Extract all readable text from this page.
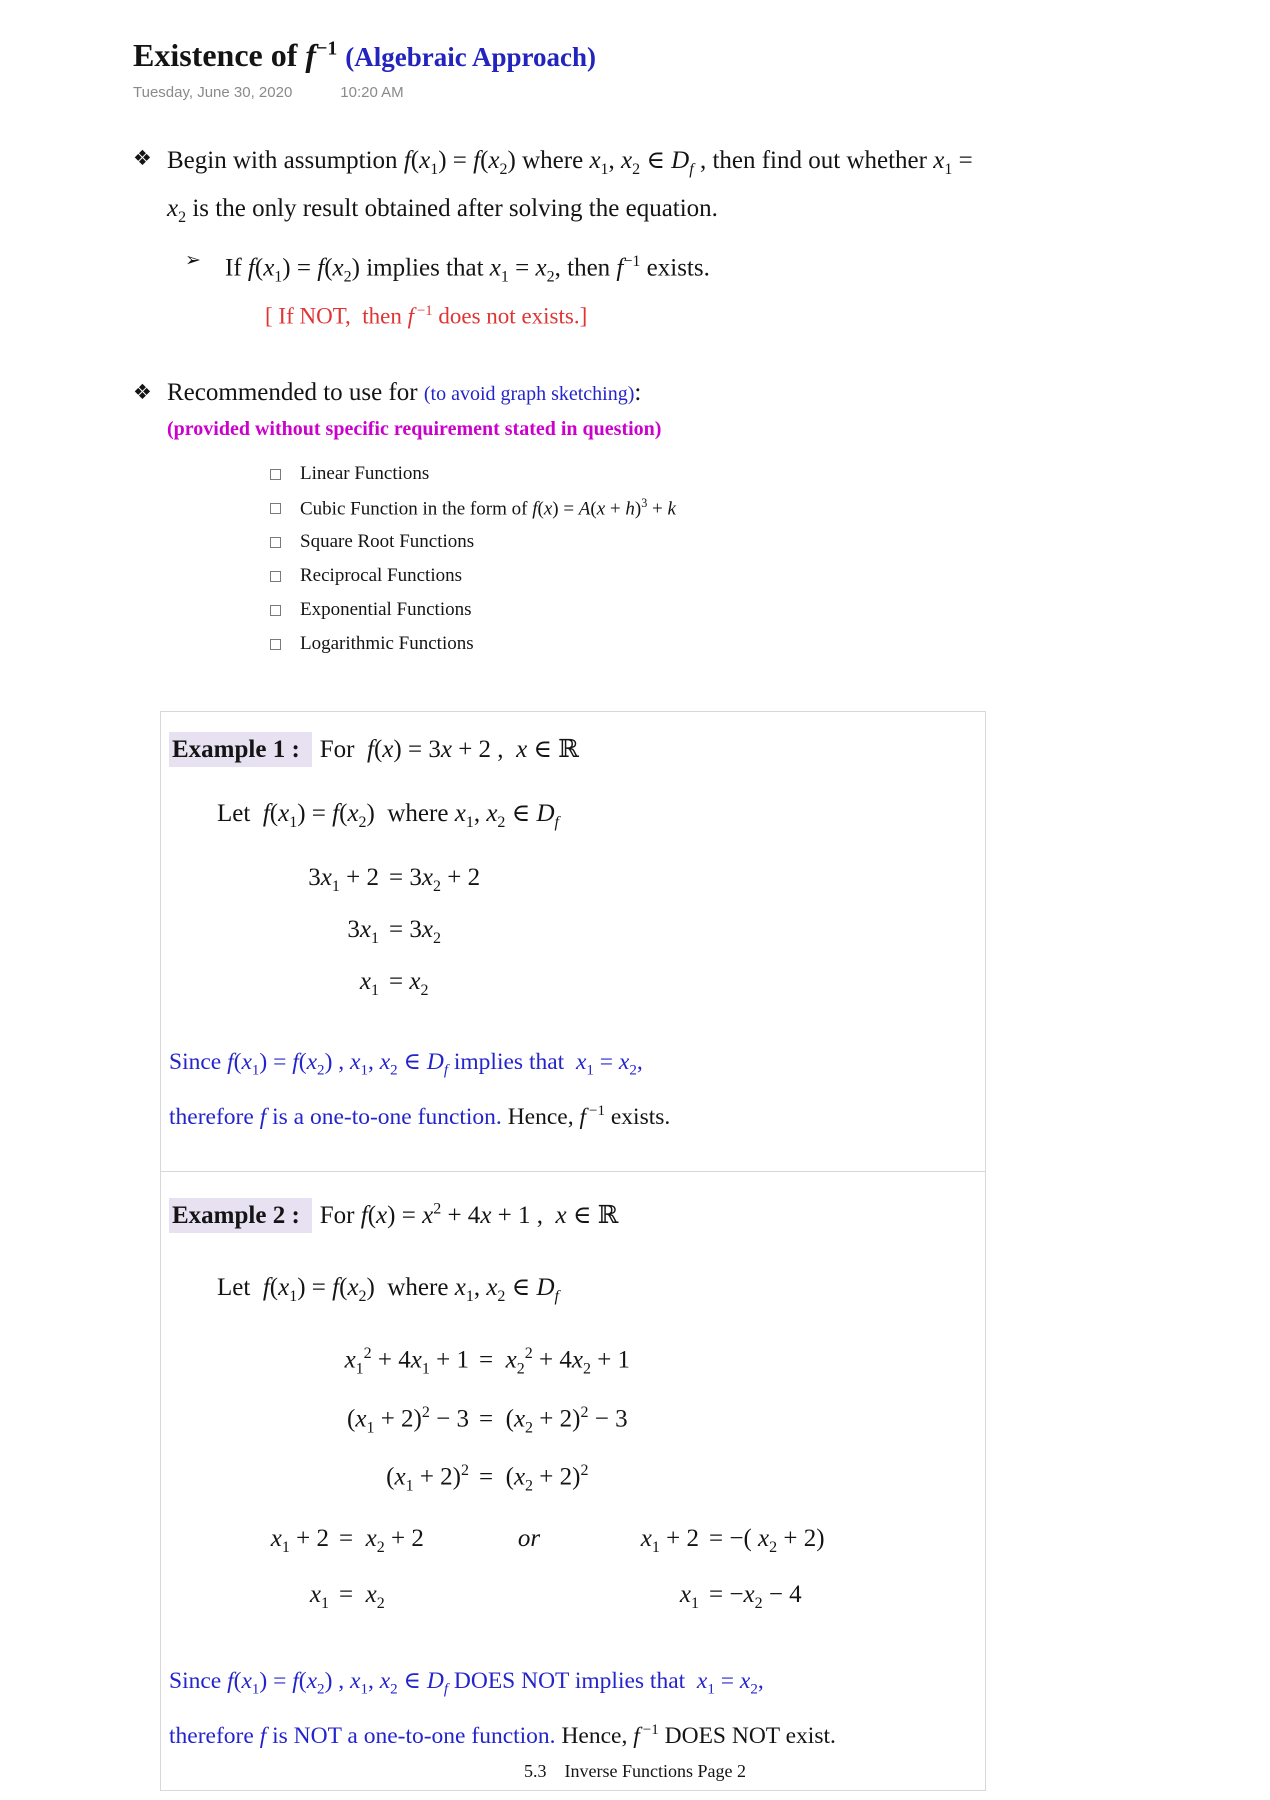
Existence of $f^{-1}$ (Algebraic Approach)
Tuesday, June 30, 2020	10:20 AM
❖ Begin with assumption $f(x_1) = f(x_2)$ where $x_1$, $x_2$ ∈ $D_f$ , then find out whether $x_1 = x_2$ is the only result obtained after solving the equation.
➢ If $f(x_1) = f(x_2)$ implies that $x_1 = x_2$, then $f^{-1}$ exists.
[ If NOT,  then f $^{-1}$ does not exists.]
❖ Recommended to use for (to avoid graph sketching):
(provided without specific requirement stated in question)
Linear Functions
Cubic Function in the form of $f(x) = A(x + h)^3 + k$
Square Root Functions
Reciprocal Functions
Exponential Functions
Logarithmic Functions
Example 1 : For  f(x) = 3x + 2 ,  x ∈ ℝ
Let  $f(x_1) = f(x_2)$  where $x_1$, $x_2$ ∈ $D_f$
$3x_1 + 2 = 3x_2 + 2$
$3x_1 = 3x_2$
$x_1 = x_2$
Since $f(x_1) = f(x_2)$ , $x_1$, $x_2$ ∈ $D_f$ implies that  $x_1 = x_2$,
therefore f is a one-to-one function. Hence, f $^{-1}$ exists.
Example 2 : For $f(x) = x^2 + 4x + 1$ ,  x ∈ ℝ
Let  $f(x_1) = f(x_2)$  where $x_1$, $x_2$ ∈ $D_f$
$x_1^2 + 4x_1 + 1 = x_2^2 + 4x_2 + 1$
$(x_1 + 2)^2 - 3 = (x_2 + 2)^2 - 3$
$(x_1 + 2)^2 = (x_2 + 2)^2$
$x_1 + 2 = x_2 + 2$	or	$x_1 + 2$ = −( $x_2 + 2$)
$x_1 = x_2$	$x_1 = -x_2 - 4$
Since $f(x_1) = f(x_2)$ , $x_1$, $x_2$ ∈ $D_f$ DOES NOT implies that  $x_1 = x_2$,
therefore f is NOT a one-to-one function. Hence, f $^{-1}$ DOES NOT exist.
5.3    Inverse Functions Page 2
